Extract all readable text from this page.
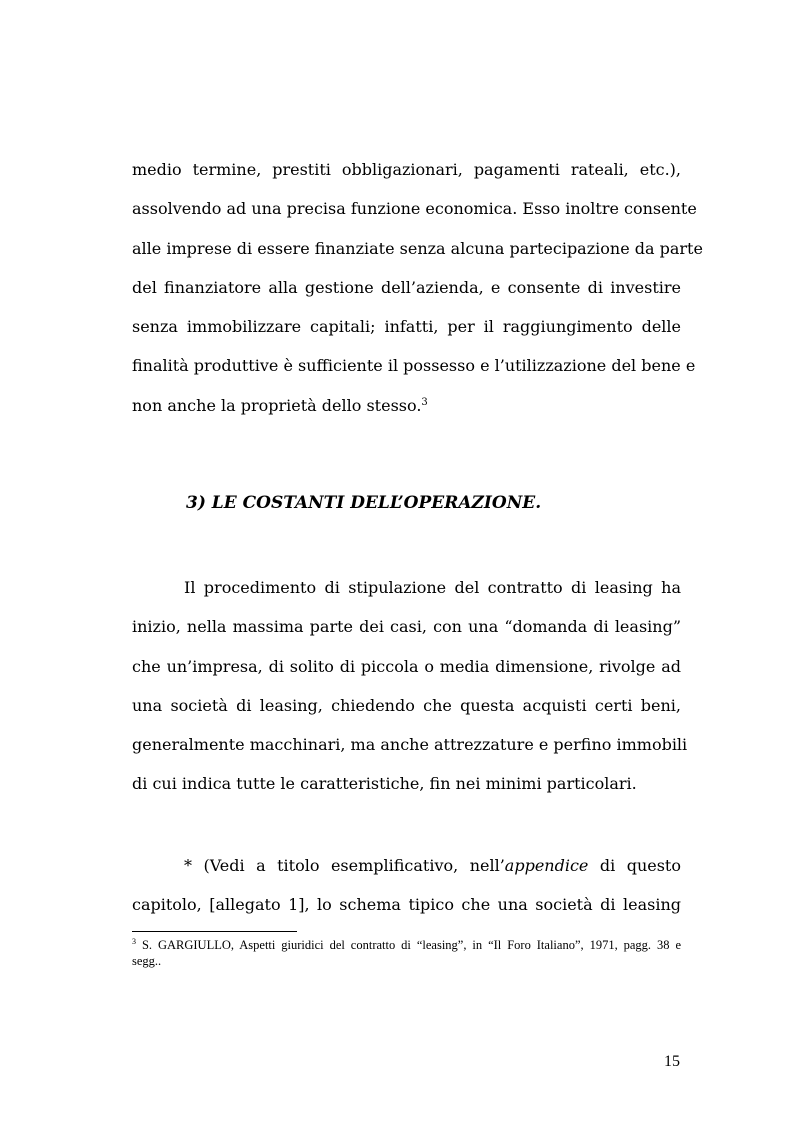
medio termine, prestiti obbligazionari, pagamenti rateali, etc.),
assolvendo ad una precisa funzione economica. Esso inoltre consente
alle imprese di essere finanziate senza alcuna partecipazione da parte
del finanziatore alla gestione dell’azienda, e consente di investire
senza immobilizzare capitali; infatti, per il raggiungimento delle
finalità produttive è sufficiente il possesso e l’utilizzazione del bene e
non anche la proprietà dello stesso.$^3$
3) LE COSTANTI DELL’OPERAZIONE.
Il procedimento di stipulazione del contratto di leasing ha
inizio, nella massima parte dei casi, con una “domanda di leasing”
che un’impresa, di solito di piccola o media dimensione, rivolge ad
una società di leasing, chiedendo che questa acquisti certi beni,
generalmente macchinari, ma anche attrezzature e perfino immobili
di cui indica tutte le caratteristiche, fin nei minimi particolari.
* (Vedi a titolo esemplificativo, nell’appendice di questo
capitolo, [allegato 1], lo schema tipico che una società di leasing
$^3$ S. GARGIULLO, Aspetti giuridici del contratto di “leasing”, in “Il Foro Italiano”, 1971, pagg. 38 e
segg..
15
